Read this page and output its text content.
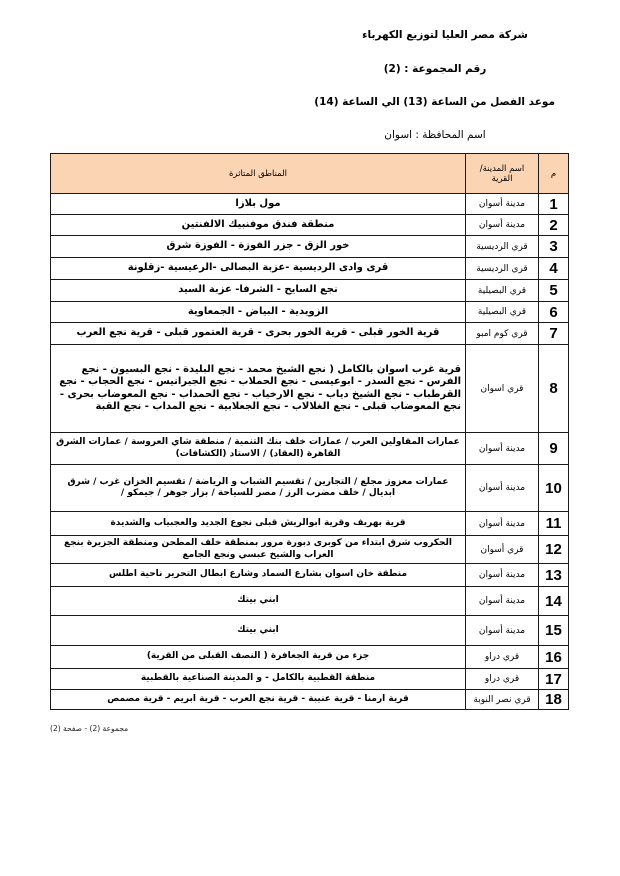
شركة مصر العليا لتوزيع الكهرباء
رقم المجموعة : (2)
موعد الفصل من الساعة (13) الي الساعة (14)
اسم المحافظة : اسوان
م	اسم المدينة/ القرية	المناطق المتاثرة
1	مدينة أسوان	مول بلازا
2	مدينة أسوان	منطقة فندق موفنبيك الالفنتين
3	قري الرديسية	خور الزق - جزر الفوزة - الفوزة شرق
4	قري الرديسية	قرى وادى الرديسية -عزبة البصالى -الرعيسية -زقلونة
5	قري البصيلية	نجع السايح - الشرفا- عزبة السيد
6	قري البصيلية	الزويدية - البياض - الجمعاوية
7	قري كوم امبو	قرية الخور قبلى - قرية الخور بحرى - قرية العتمور قبلى - قرية نجع العرب
8	قري اسوان	قرية غرب اسوان بالكامل ( نجع الشيخ محمد - نجع البليدة - نجع البسيون - نجع الفرس - نجع السدر - ابوعيسى - نجع الحملاب - نجع الجيرانيس - نجع الحجاب - نجع القرطباب - نجع الشيخ دياب - نجع الارخياب - نجع الحمداب - نجع المعوضاب بحرى - نجع المعوضاب قبلى - نجع الغلالاب - نجع الجعلابية - نجع المداب - نجع القبة
9	مدينة أسوان	عمارات المقاولين العرب / عمارات خلف بنك التنمية / منطقة شاي العروسة / عمارات الشرق القاهرة (العقاد) / الاستاد (الكشافات)
10	مدينة أسوان	عمارات معزوز مجلع / التجارين / تقسيم الشباب و الرياضة / تقسيم الخزان غرب / شرق ابديال / خلف مضرب الرز / مصر للسياحة / بزار جوهر / جيمكو /
11	مدينة أسوان	قرية بهريف وقرية ابوالريش قبلى نجوع الجديد والعجبياب والشديدة
12	قري أسوان	الحكروب شرق ابتداء من كوبرى دبورة مرور بمنطقة خلف المطحن ومنطقة الجزيرة بنجع العراب والشيخ عبسي ونجع الجامع
13	مدينة أسوان	منطقة خان اسوان بشارع السماد وشارع ابطال التحرير ناحية اطلس
14	مدينة أسوان	ابني بيتك
15	مدينة أسوان	ابني بيتك
16	قري دراو	جزء من قرية الجعافرة ( النصف القبلى من القرية)
17	قري دراو	منطقة القطبية بالكامل - و المدينة الصناعية بالقطبية
18	قري نصر النوبة	قرية ارمنا - قرية عنيبة - قرية نجع العرب - قرية ابريم - قرية مصمص
مجموعة (2) - صفحة (2)
